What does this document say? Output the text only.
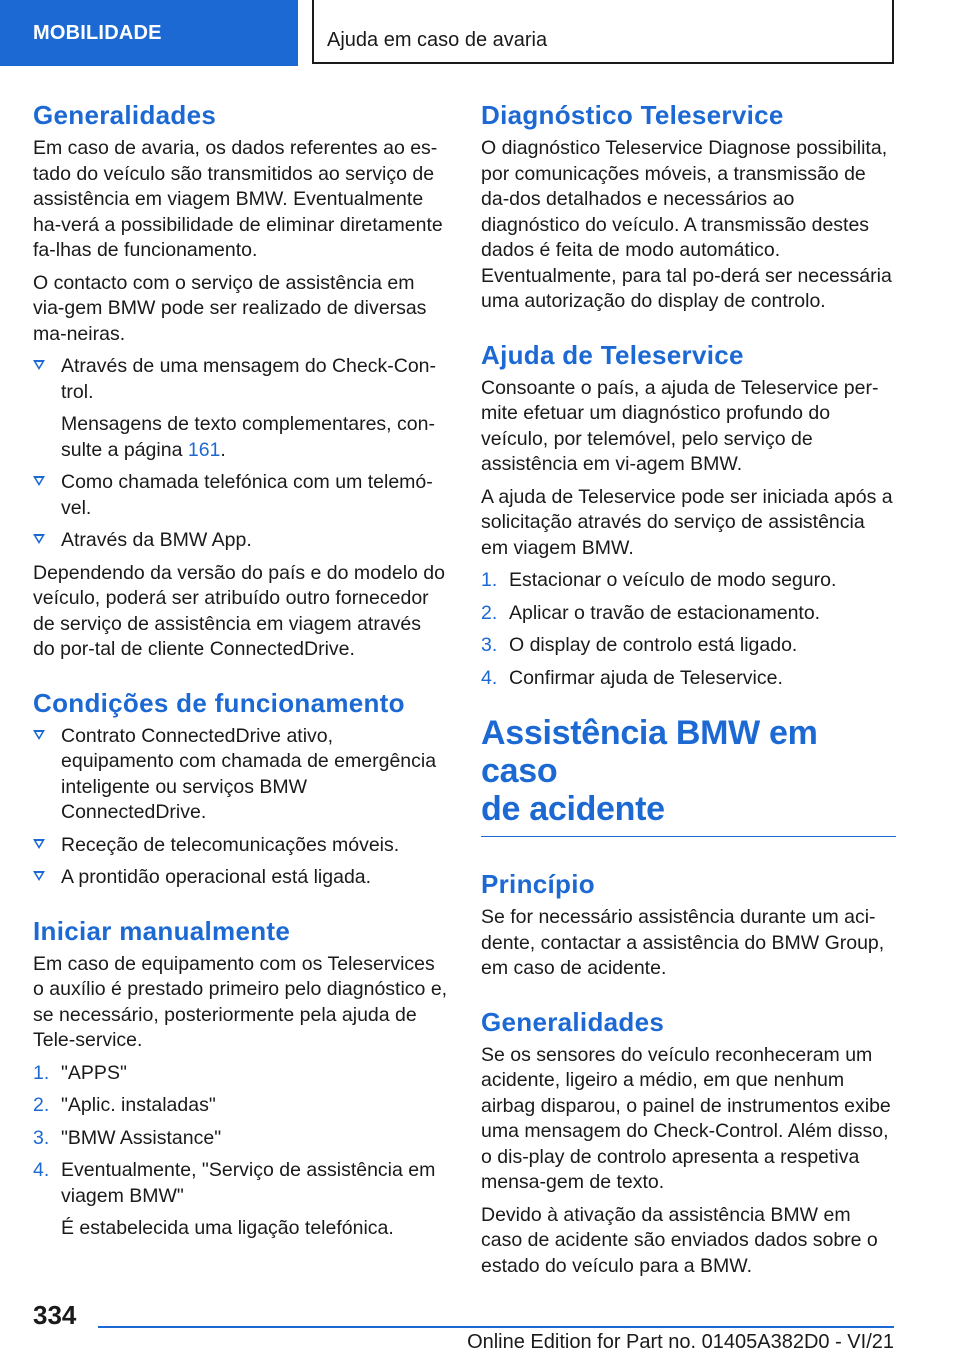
MOBILIDADE	Ajuda em caso de avaria
Generalidades

Em caso de avaria, os dados referentes ao es-tado do veículo são transmitidos ao serviço de assistência em viagem BMW. Eventualmente ha-verá a possibilidade de eliminar diretamente fa-lhas de funcionamento.

O contacto com o serviço de assistência em via-gem BMW pode ser realizado de diversas ma-neiras.

Através de uma mensagem do Check-Con-trol.
Mensagens de texto complementares, con-sulte a página 161.
Como chamada telefónica com um telemó-vel.
Através da BMW App.

Dependendo da versão do país e do modelo do veículo, poderá ser atribuído outro fornecedor de serviço de assistência em viagem através do por-tal de cliente ConnectedDrive.

Condições de funcionamento
Contrato ConnectedDrive ativo, equipamento com chamada de emergência inteligente ou serviços BMW ConnectedDrive.
Receção de telecomunicações móveis.
A prontidão operacional está ligada.
Iniciar manualmente

Em caso de equipamento com os Teleservices o auxílio é prestado primeiro pelo diagnóstico e, se necessário, posteriormente pela ajuda de Tele-service.

1. "APPS"
2. "Aplic. instaladas"
3. "BMW Assistance"
4. Eventualmente, "Serviço de assistência em viagem BMW"
É estabelecida uma ligação telefónica.
Diagnóstico Teleservice

O diagnóstico Teleservice Diagnose possibilita, por comunicações móveis, a transmissão de da-dos detalhados e necessários ao diagnóstico do veículo. A transmissão destes dados é feita de modo automático. Eventualmente, para tal po-derá ser necessária uma autorização do display de controlo.

Ajuda de Teleservice

Consoante o país, a ajuda de Teleservice per-mite efetuar um diagnóstico profundo do veículo, por telemóvel, pelo serviço de assistência em vi-agem BMW.

A ajuda de Teleservice pode ser iniciada após a solicitação através do serviço de assistência em viagem BMW.

1. Estacionar o veículo de modo seguro.
2. Aplicar o travão de estacionamento.
3. O display de controlo está ligado.
4. Confirmar ajuda de Teleservice.
Assistência BMW em caso
de acidente
Princípio

Se for necessário assistência durante um aci-dente, contactar a assistência do BMW Group, em caso de acidente.

Generalidades

Se os sensores do veículo reconheceram um acidente, ligeiro a médio, em que nenhum airbag disparou, o painel de instrumentos exibe uma mensagem do Check-Control. Além disso, o dis-play de controlo apresenta a respetiva mensa-gem de texto.

Devido à ativação da assistência BMW em caso de acidente são enviados dados sobre o estado do veículo para a BMW.

334
Online Edition for Part no. 01405A382D0 - VI/21
